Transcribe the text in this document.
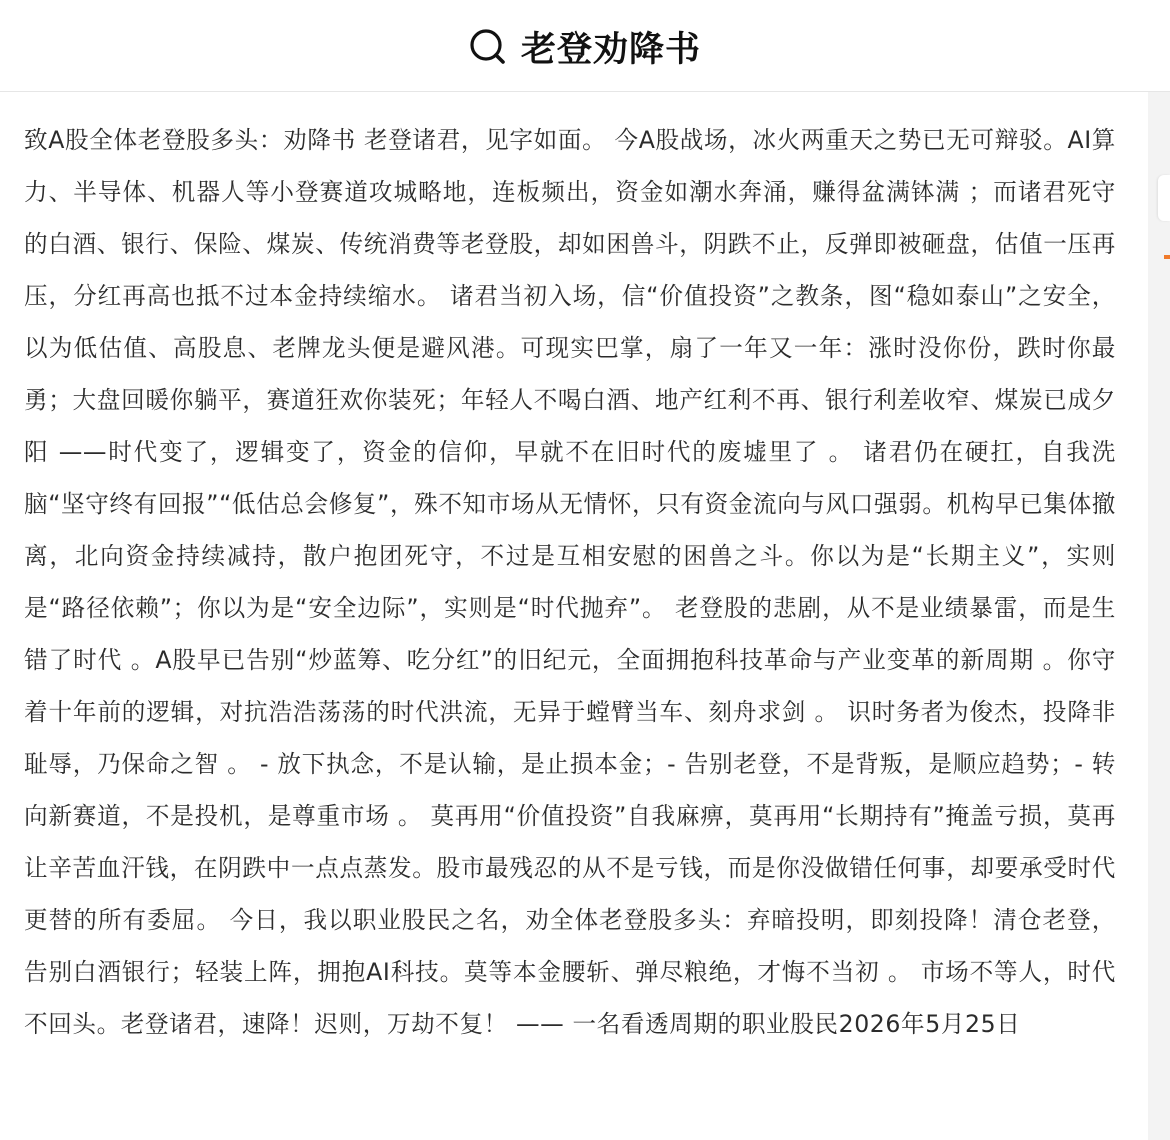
老登劝降书
致A股全体老登股多头：劝降书 老登诸君，见字如面。 今A股战场，冰火两重天之势已无可辩驳。AI算力、半导体、机器人等小登赛道攻城略地，连板频出，资金如潮水奔涌，赚得盆满钵满 ；而诸君死守的白酒、银行、保险、煤炭、传统消费等老登股，却如困兽斗，阴跌不止，反弹即被砸盘，估值一压再压，分红再高也抵不过本金持续缩水。 诸君当初入场，信“价值投资”之教条，图“稳如泰山”之安全，以为低估值、高股息、老牌龙头便是避风港。可现实巴掌，扇了一年又一年：涨时没你份，跌时你最勇；大盘回暖你躺平，赛道狂欢你装死；年轻人不喝白酒、地产红利不再、银行利差收窄、煤炭已成夕阳 ——时代变了，逻辑变了，资金的信仰，早就不在旧时代的废墟里了 。 诸君仍在硬扛，自我洗脑“坚守终有回报”“低估总会修复”，殊不知市场从无情怀，只有资金流向与风口强弱。机构早已集体撤离，北向资金持续减持，散户抱团死守，不过是互相安慰的困兽之斗。你以为是“长期主义”，实则是“路径依赖”；你以为是“安全边际”，实则是“时代抛弃”。 老登股的悲剧，从不是业绩暴雷，而是生错了时代 。A股早已告别“炒蓝筹、吃分红”的旧纪元，全面拥抱科技革命与产业变革的新周期 。你守着十年前的逻辑，对抗浩浩荡荡的时代洪流，无异于螳臂当车、刻舟求剑 。 识时务者为俊杰，投降非耻辱，乃保命之智 。 - 放下执念，不是认输，是止损本金；- 告别老登，不是背叛，是顺应趋势；- 转向新赛道，不是投机，是尊重市场 。 莫再用“价值投资”自我麻痹，莫再用“长期持有”掩盖亏损，莫再让辛苦血汗钱，在阴跌中一点点蒸发。股市最残忍的从不是亏钱，而是你没做错任何事，却要承受时代更替的所有委屈。 今日，我以职业股民之名，劝全体老登股多头：弃暗投明，即刻投降！清仓老登，告别白酒银行；轻装上阵，拥抱AI科技。莫等本金腰斩、弹尽粮绝，才悔不当初 。 市场不等人，时代不回头。老登诸君，速降！迟则，万劫不复！ —— 一名看透周期的职业股民2026年5月25日
